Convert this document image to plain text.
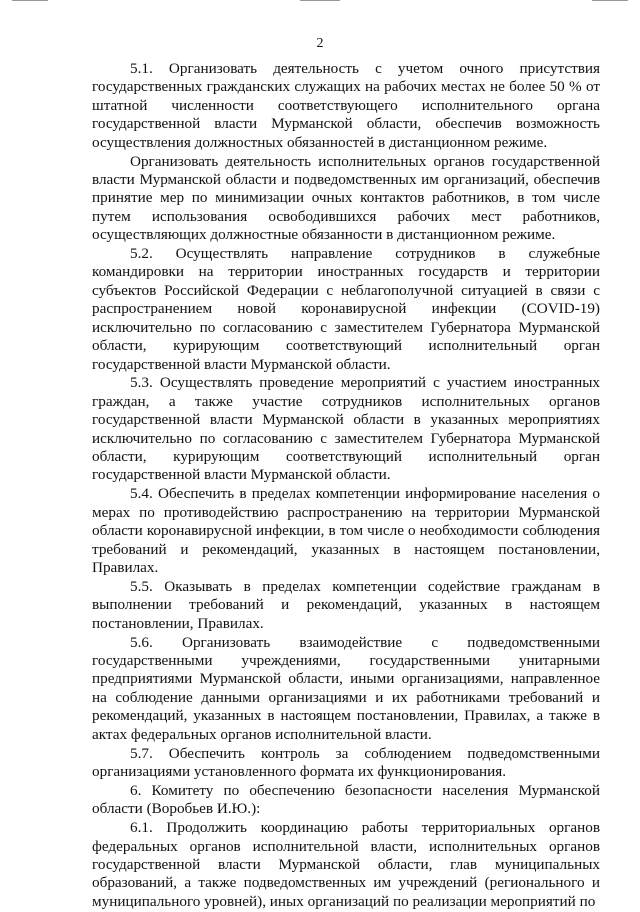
2

5.1. Организовать деятельность с учетом очного присутствия государственных гражданских служащих на рабочих местах не более 50 % от штатной численности соответствующего исполнительного органа государственной власти Мурманской области, обеспечив возможность осуществления должностных обязанностей в дистанционном режиме.

Организовать деятельность исполнительных органов государственной власти Мурманской области и подведомственных им организаций, обеспечив принятие мер по минимизации очных контактов работников, в том числе путем использования освободившихся рабочих мест работников, осуществляющих должностные обязанности в дистанционном режиме.

5.2. Осуществлять направление сотрудников в служебные командировки на территории иностранных государств и территории субъектов Российской Федерации с неблагополучной ситуацией в связи с распространением новой коронавирусной инфекции (COVID-19) исключительно по согласованию с заместителем Губернатора Мурманской области, курирующим соответствующий исполнительный орган государственной власти Мурманской области.

5.3. Осуществлять проведение мероприятий с участием иностранных граждан, а также участие сотрудников исполнительных органов государственной власти Мурманской области в указанных мероприятиях исключительно по согласованию с заместителем Губернатора Мурманской области, курирующим соответствующий исполнительный орган государственной власти Мурманской области.

5.4. Обеспечить в пределах компетенции информирование населения о мерах по противодействию распространению на территории Мурманской области коронавирусной инфекции, в том числе о необходимости соблюдения требований и рекомендаций, указанных в настоящем постановлении, Правилах.

5.5. Оказывать в пределах компетенции содействие гражданам в выполнении требований и рекомендаций, указанных в настоящем постановлении, Правилах.

5.6. Организовать взаимодействие с подведомственными государственными учреждениями, государственными унитарными предприятиями Мурманской области, иными организациями, направленное на соблюдение данными организациями и их работниками требований и рекомендаций, указанных в настоящем постановлении, Правилах, а также в актах федеральных органов исполнительной власти.

5.7. Обеспечить контроль за соблюдением подведомственными организациями установленного формата их функционирования.

6. Комитету по обеспечению безопасности населения Мурманской области (Воробьев И.Ю.):

6.1. Продолжить координацию работы территориальных органов федеральных органов исполнительной власти, исполнительных органов государственной власти Мурманской области, глав муниципальных образований, а также подведомственных им учреждений (регионального и муниципального уровней), иных организаций по реализации мероприятий по
